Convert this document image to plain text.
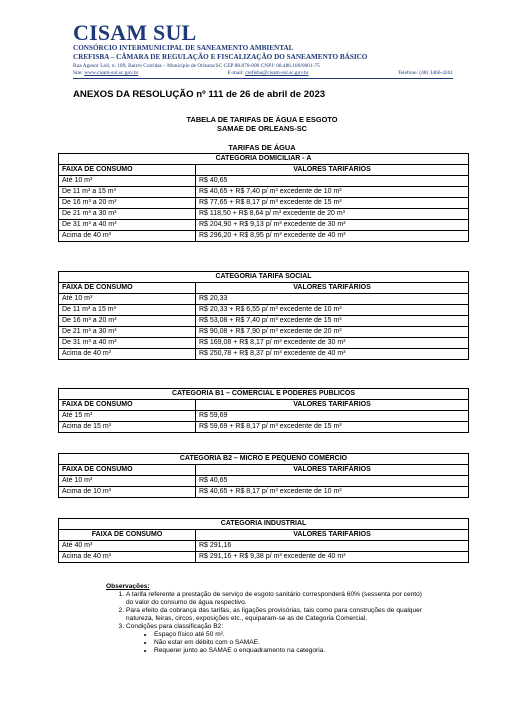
CISAM SUL
CONSÓRCIO INTERMUNICIPAL DE SANEAMENTO AMBIENTAL
CREFISBA – CÂMARA DE REGULAÇÃO E FISCALIZAÇÃO DO SANEAMENTO BÁSICO
Rua Agenor Loli, n. 189, Bairro Corridas – Município de Orleans/SC CEP 88.870-000 CNPJ: 08.486.180/0001-75
Site: www.cisam-sul.sc.gov.br	E-mail: crefisba@cisam-sul.sc.gov.br	Telefone: (48) 3466-4261
ANEXOS DA RESOLUÇÃO nº 111 de 26 de abril de 2023
TABELA DE TARIFAS DE ÁGUA E ESGOTO
SAMAE DE ORLEANS-SC
TARIFAS DE ÁGUA
CATEGORIA DOMICILIAR - A	
FAIXA DE CONSUMO	VALORES TARIFÁRIOS
Até 10 m³	R$ 40,65
De 11 m³ a 15 m³	R$ 40,65 + R$ 7,40 p/ m³ excedente de 10 m³
De 16 m³ a 20 m³	R$ 77,65 + R$ 8,17 p/ m³ excedente de 15 m³
De 21 m³ a 30 m³	R$ 118,50 + R$ 8,64 p/ m³ excedente de 20 m³
De 31 m³ a 40 m³	R$ 204,90 + R$ 9,13 p/ m³ excedente de 30 m³
Acima de 40 m³	R$ 296,20 + R$ 8,95 p/ m³ excedente de 40 m³
CATEGORIA TARIFA SOCIAL	
FAIXA DE CONSUMO	VALORES TARIFÁRIOS
Até 10 m³	R$ 20,33
De 11 m³ a 15 m³	R$ 20,33 + R$ 6,55 p/ m³ excedente de 10 m³
De 16 m³ a 20 m³	R$ 53,08 + R$ 7,40 p/ m³ excedente de 15 m³
De 21 m³ a 30 m³	R$ 90,08 + R$ 7,90 p/ m³ excedente de 20 m³
De 31 m³ a 40 m³	R$ 169,08 + R$ 8,17 p/ m³ excedente de 30 m³
Acima de 40 m³	R$ 250,78 + R$ 8,37 p/ m³ excedente de 40 m³
CATEGORIA B1 – COMERCIAL E PODERES PÚBLICOS	
FAIXA DE CONSUMO	VALORES TARIFÁRIOS
Até 15 m³	R$ 59,69
Acima de 15 m³	R$ 59,69 + R$ 8,17 p/ m³ excedente de 15 m³
CATEGORIA B2 – MICRO E PEQUENO COMÉRCIO	
FAIXA DE CONSUMO	VALORES TARIFÁRIOS
Até 10 m³	R$ 40,65
Acima de 10 m³	R$ 40,65 + R$ 8,17 p/ m³ excedente de 10 m³
CATEGORIA INDUSTRIAL	
FAIXA DE CONSUMO	VALORES TARIFÁRIOS
Até 40 m³	R$ 291,16
Acima de 40 m³	R$ 291,16 + R$ 9,38 p/ m³ excedente de 40 m³
Observações:
1. A tarifa referente a prestação de serviço de esgoto sanitário corresponderá 60% (sessenta por cento) do valor do consumo de água respectivo.
2. Para efeito da cobrança das tarifas, as ligações provisórias, tais como para construções de qualquer natureza, feiras, circos, exposições etc., equiparam-se as de Categoria Comercial.
3. Condições para classificação B2:
• Espaço físico até 50 m².
• Não estar em débito com o SAMAE.
• Requerer junto ao SAMAE o enquadramento na categoria.
